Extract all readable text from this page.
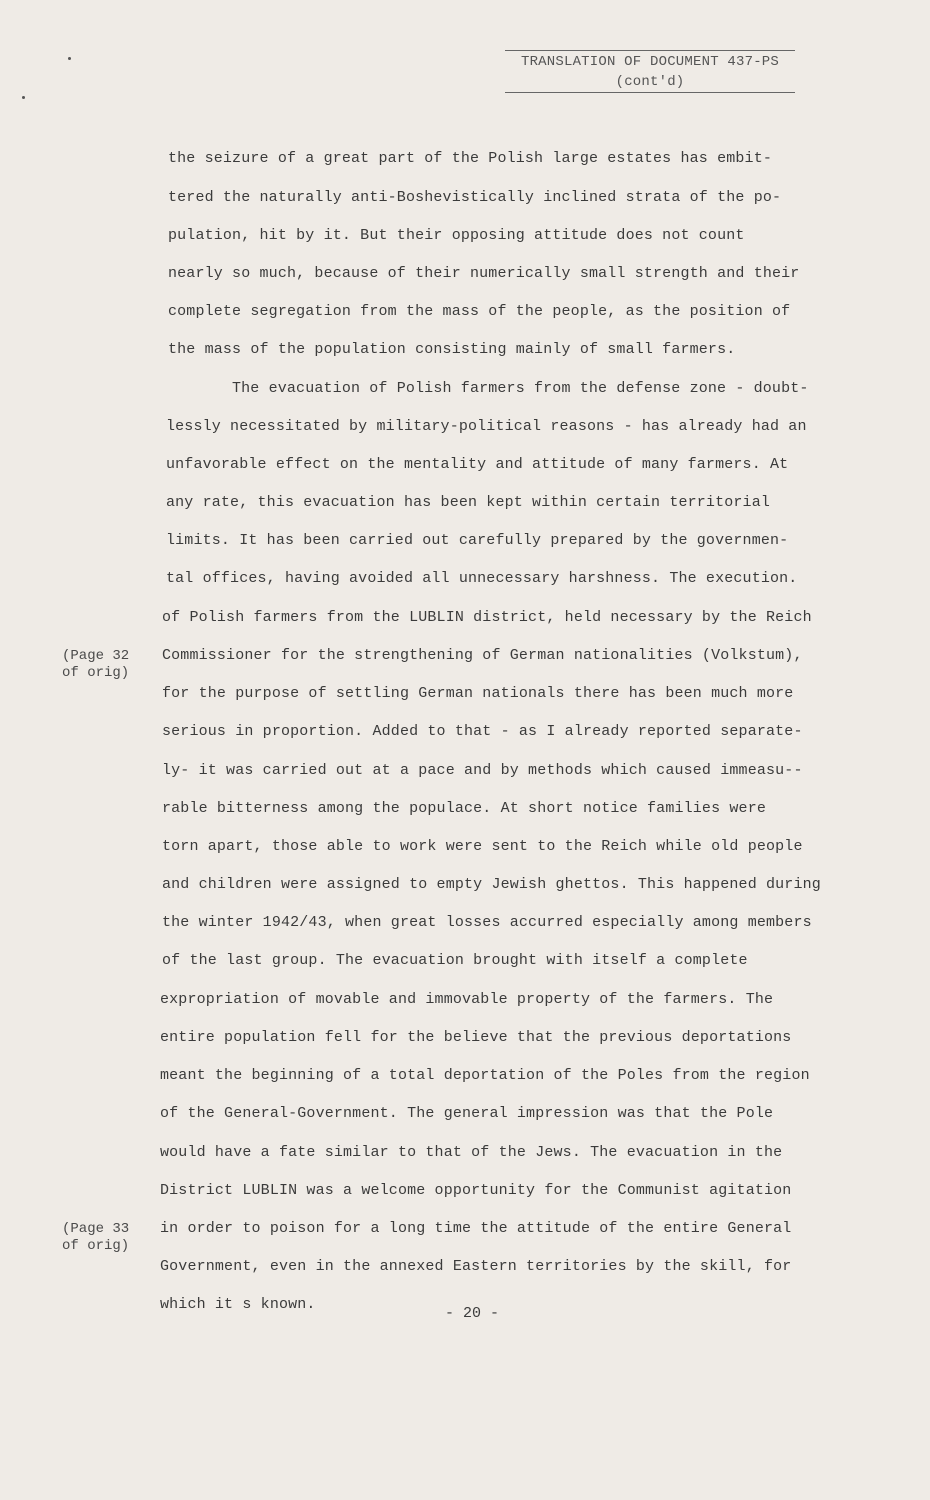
TRANSLATION OF DOCUMENT 437-PS
(cont'd)
the seizure of a great part of the Polish large estates has embit-
tered the naturally anti-Boshevistically inclined strata of the po-
pulation, hit by it. But their opposing attitude does not count
nearly so much, because of their numerically small strength and their
complete segregation from the mass of the people, as the position of
the mass of the population consisting mainly of small farmers.
The evacuation of Polish farmers from the defense zone - doubt-
lessly necessitated by military-political reasons - has already had an
unfavorable effect on the mentality and attitude of many farmers. At
any rate, this evacuation has been kept within certain territorial
limits. It has been carried out carefully prepared by the governmen-
tal offices, having avoided all unnecessary harshness. The execution.
of Polish farmers from the LUBLIN district, held necessary by the Reich
Commissioner for the strengthening of German nationalities (Volkstum),
for the purpose of settling German nationals there has been much more
serious in proportion. Added to that - as I already reported separate-
ly- it was carried out at a pace and by methods which caused immeasu--
rable bitterness among the populace. At short notice families were
torn apart, those able to work were sent to the Reich while old people
and children were assigned to empty Jewish ghettos. This happened during
the winter 1942/43, when great losses accurred especially among members
of the last group. The evacuation brought with itself a complete
expropriation of movable and immovable property of the farmers. The
entire population fell for the believe that the previous deportations
meant the beginning of a total deportation of the Poles from the region
of the General-Government. The general impression was that the Pole
would have a fate similar to that of the Jews. The evacuation in the
District LUBLIN was a welcome opportunity for the Communist agitation
in order to poison for a long time the attitude of the entire General
Government, even in the annexed Eastern territories by the skill, for
which it s known.
(Page 32
of orig)
(Page 33
of orig)
- 20 -
